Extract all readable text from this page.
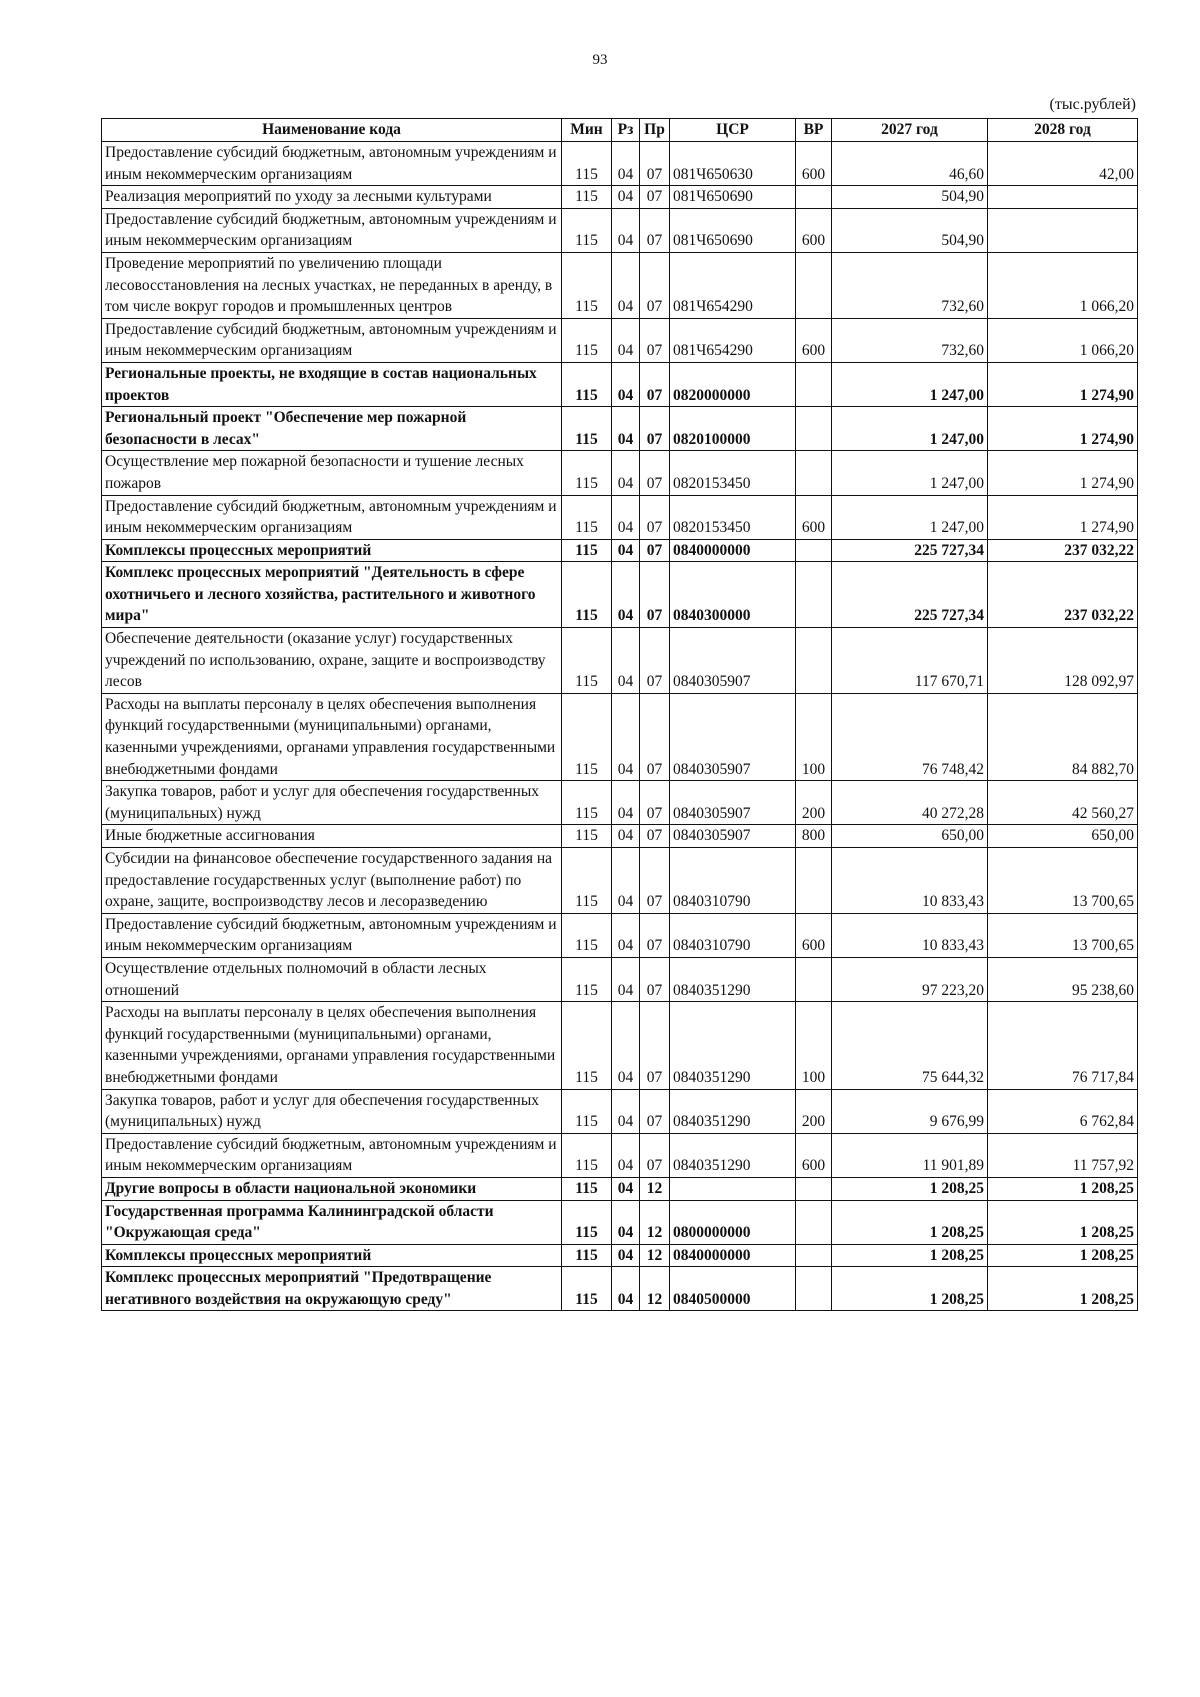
93
(тыс.рублей)
Наименование кода	Мин	Рз	Пр	ЦСР	ВР	2027 год	2028 год
Предоставление субсидий бюджетным, автономным учреждениям и иным некоммерческим организациям	115	04	07	081Ч650630	600	46,60	42,00
Реализация мероприятий по уходу за лесными культурами	115	04	07	081Ч650690		504,90	
Предоставление субсидий бюджетным, автономным учреждениям и иным некоммерческим организациям	115	04	07	081Ч650690	600	504,90	
Проведение мероприятий по увеличению площади лесовосстановления на лесных участках, не переданных в аренду, в том числе вокруг городов и промышленных центров	115	04	07	081Ч654290		732,60	1 066,20
Предоставление субсидий бюджетным, автономным учреждениям и иным некоммерческим организациям	115	04	07	081Ч654290	600	732,60	1 066,20
Региональные проекты, не входящие в состав национальных проектов	115	04	07	0820000000		1 247,00	1 274,90
Региональный проект "Обеспечение мер пожарной безопасности в лесах"	115	04	07	0820100000		1 247,00	1 274,90
Осуществление мер пожарной безопасности и тушение лесных пожаров	115	04	07	0820153450		1 247,00	1 274,90
Предоставление субсидий бюджетным, автономным учреждениям и иным некоммерческим организациям	115	04	07	0820153450	600	1 247,00	1 274,90
Комплексы процессных мероприятий	115	04	07	0840000000		225 727,34	237 032,22
Комплекс процессных мероприятий "Деятельность в сфере охотничьего и лесного хозяйства, растительного и животного мира"	115	04	07	0840300000		225 727,34	237 032,22
Обеспечение деятельности (оказание услуг) государственных учреждений по использованию, охране, защите и воспроизводству лесов	115	04	07	0840305907		117 670,71	128 092,97
Расходы на выплаты персоналу в целях обеспечения выполнения функций государственными (муниципальными) органами, казенными учреждениями, органами управления государственными внебюджетными фондами	115	04	07	0840305907	100	76 748,42	84 882,70
Закупка товаров, работ и услуг для обеспечения государственных (муниципальных) нужд	115	04	07	0840305907	200	40 272,28	42 560,27
Иные бюджетные ассигнования	115	04	07	0840305907	800	650,00	650,00
Субсидии на финансовое обеспечение государственного задания на предоставление государственных услуг (выполнение работ) по охране, защите, воспроизводству лесов и лесоразведению	115	04	07	0840310790		10 833,43	13 700,65
Предоставление субсидий бюджетным, автономным учреждениям и иным некоммерческим организациям	115	04	07	0840310790	600	10 833,43	13 700,65
Осуществление отдельных полномочий в области лесных отношений	115	04	07	0840351290		97 223,20	95 238,60
Расходы на выплаты персоналу в целях обеспечения выполнения функций государственными (муниципальными) органами, казенными учреждениями, органами управления государственными внебюджетными фондами	115	04	07	0840351290	100	75 644,32	76 717,84
Закупка товаров, работ и услуг для обеспечения государственных (муниципальных) нужд	115	04	07	0840351290	200	9 676,99	6 762,84
Предоставление субсидий бюджетным, автономным учреждениям и иным некоммерческим организациям	115	04	07	0840351290	600	11 901,89	11 757,92
Другие вопросы в области национальной экономики	115	04	12			1 208,25	1 208,25
Государственная программа Калининградской области "Окружающая среда"	115	04	12	0800000000		1 208,25	1 208,25
Комплексы процессных мероприятий	115	04	12	0840000000		1 208,25	1 208,25
Комплекс процессных мероприятий "Предотвращение негативного воздействия на окружающую среду"	115	04	12	0840500000		1 208,25	1 208,25
